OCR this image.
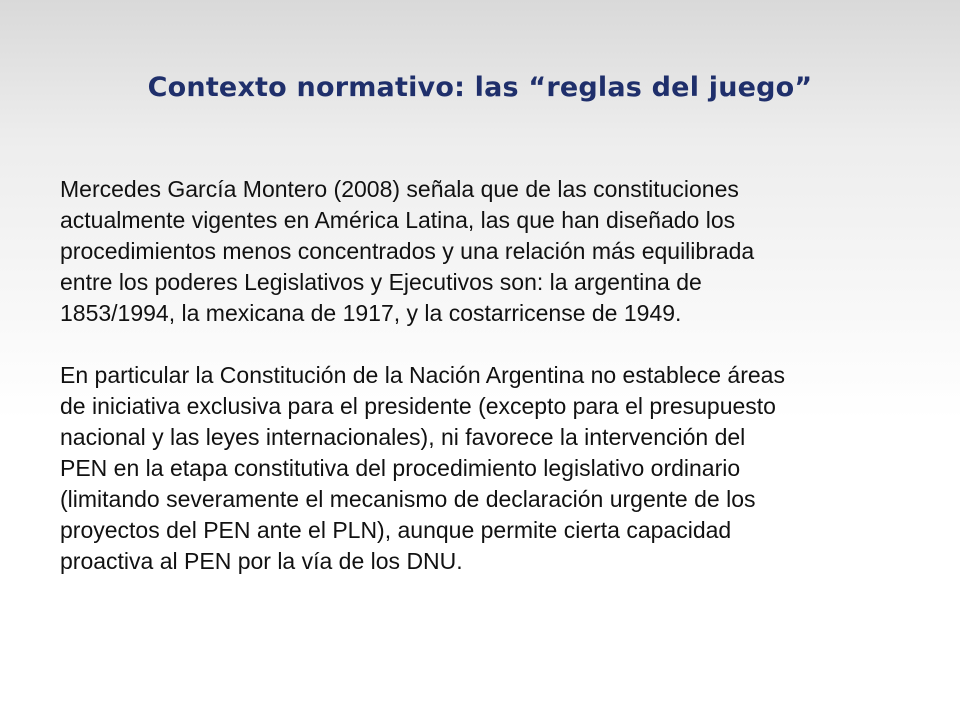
Contexto normativo: las “reglas del juego”

Mercedes García Montero (2008) señala que de las constituciones
actualmente vigentes en América Latina, las que han diseñado los
procedimientos menos concentrados y una relación más equilibrada
entre los poderes Legislativos y Ejecutivos son: la argentina de
1853/1994, la mexicana de 1917, y la costarricense de 1949.

En particular la Constitución de la Nación Argentina no establece áreas
de iniciativa exclusiva para el presidente (excepto para el presupuesto
nacional y las leyes internacionales), ni favorece la intervención del
PEN en la etapa constitutiva del procedimiento legislativo ordinario
(limitando severamente el mecanismo de declaración urgente de los
proyectos del PEN ante el PLN), aunque permite cierta capacidad
proactiva al PEN por la vía de los DNU.
